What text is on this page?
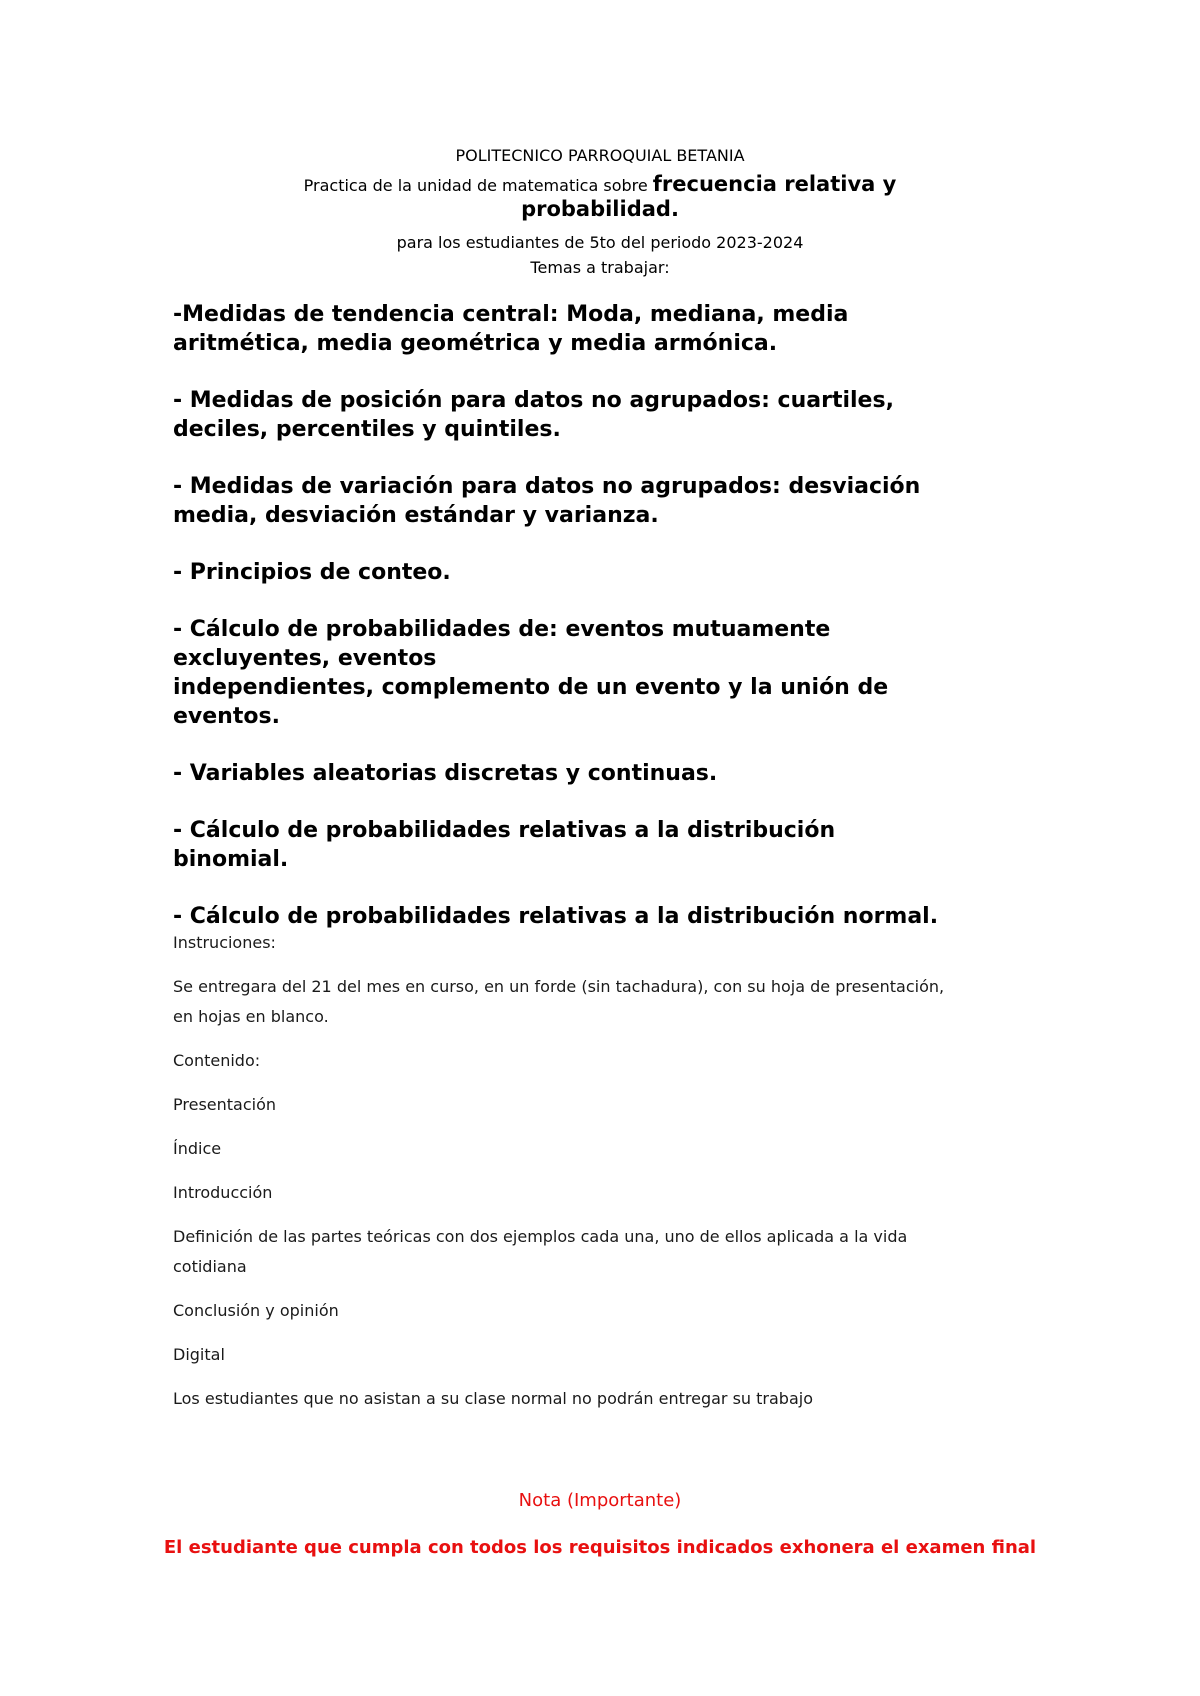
POLITECNICO PARROQUIAL BETANIA
Practica de la unidad de matematica sobre frecuencia relativa y
probabilidad.
para los estudiantes de 5to del periodo 2023-2024
Temas a trabajar:
-Medidas de tendencia central: Moda, mediana, media
aritmética, media geométrica y media armónica.
- Medidas de posición para datos no agrupados: cuartiles,
deciles, percentiles y quintiles.
- Medidas de variación para datos no agrupados: desviación
media, desviación estándar y varianza.
- Principios de conteo.
- Cálculo de probabilidades de: eventos mutuamente
excluyentes, eventos
independientes, complemento de un evento y la unión de
eventos.
- Variables aleatorias discretas y continuas.
- Cálculo de probabilidades relativas a la distribución
binomial.
- Cálculo de probabilidades relativas a la distribución normal.
Instruciones:
Se entregara del 21 del mes en curso, en un forde (sin tachadura), con su hoja de presentación,
en hojas en blanco.
Contenido:
Presentación
Índice
Introducción
Definición de las partes teóricas con dos ejemplos cada una, uno de ellos aplicada a la vida
cotidiana
Conclusión y opinión
Digital
Los estudiantes que no asistan a su clase normal no podrán entregar su trabajo
Nota (Importante)
El estudiante que cumpla con todos los requisitos indicados exhonera el examen final
